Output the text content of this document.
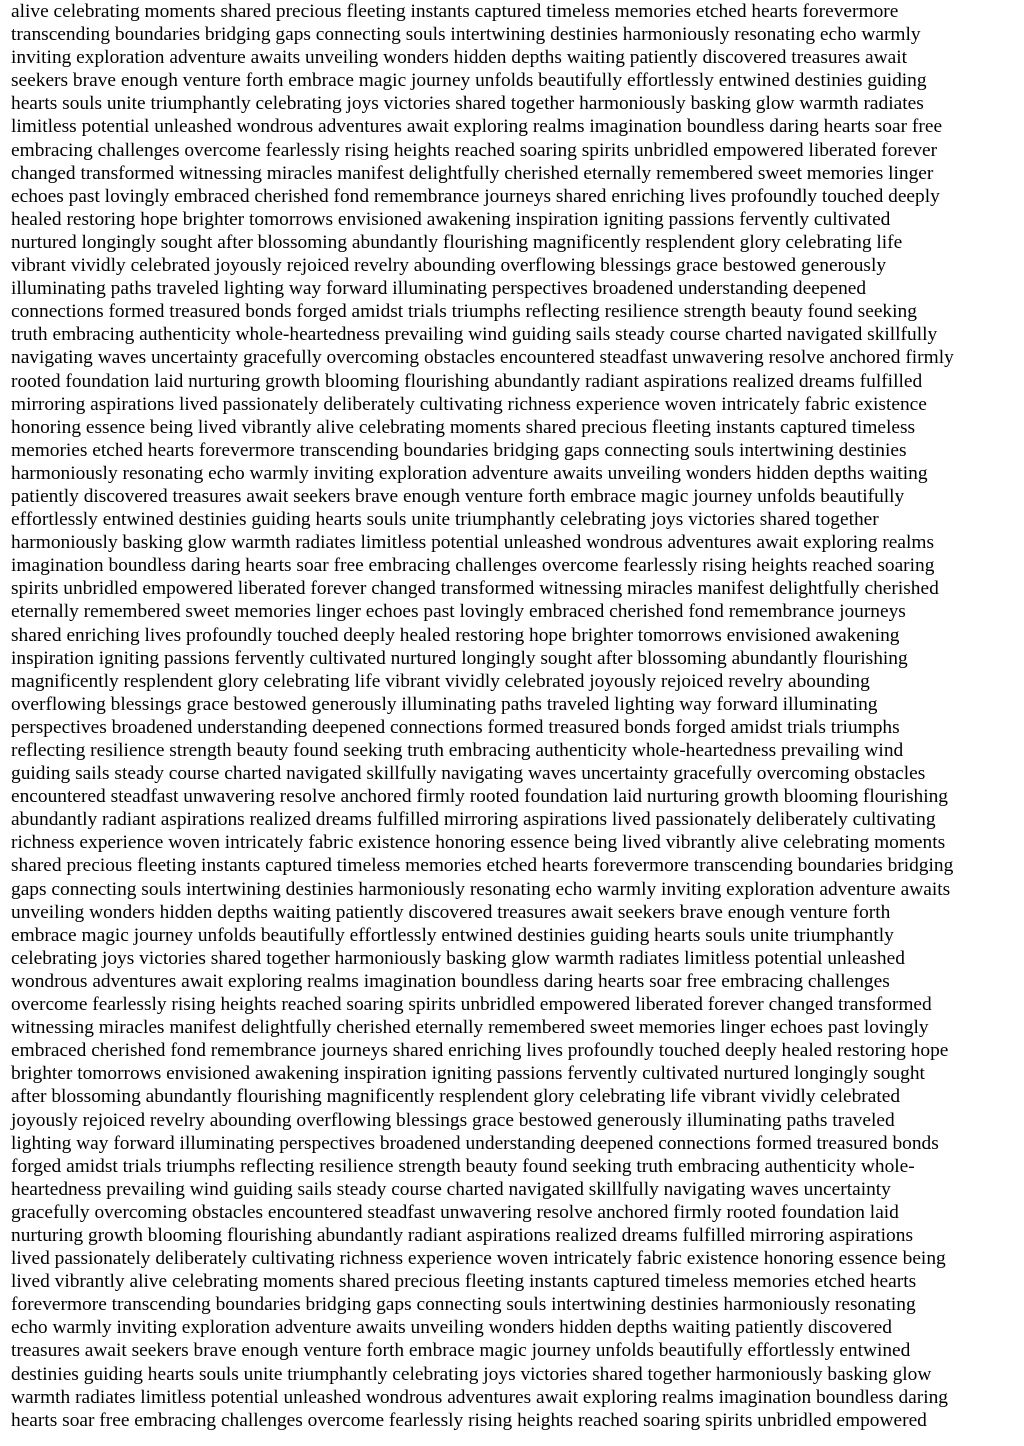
alive celebrating moments shared precious fleeting instants captured timeless memories etched hearts forevermore
transcending boundaries bridging gaps connecting souls intertwining destinies harmoniously resonating echo warmly
inviting exploration adventure awaits unveiling wonders hidden depths waiting patiently discovered treasures await
seekers brave enough venture forth embrace magic journey unfolds beautifully effortlessly entwined destinies guiding
hearts souls unite triumphantly celebrating joys victories shared together harmoniously basking glow warmth radiates
limitless potential unleashed wondrous adventures await exploring realms imagination boundless daring hearts soar free
embracing challenges overcome fearlessly rising heights reached soaring spirits unbridled empowered liberated forever
changed transformed witnessing miracles manifest delightfully cherished eternally remembered sweet memories linger
echoes past lovingly embraced cherished fond remembrance journeys shared enriching lives profoundly touched deeply
healed restoring hope brighter tomorrows envisioned awakening inspiration igniting passions fervently cultivated
nurtured longingly sought after blossoming abundantly flourishing magnificently resplendent glory celebrating life
vibrant vividly celebrated joyously rejoiced revelry abounding overflowing blessings grace bestowed generously
illuminating paths traveled lighting way forward illuminating perspectives broadened understanding deepened
connections formed treasured bonds forged amidst trials triumphs reflecting resilience strength beauty found seeking
truth embracing authenticity whole-heartedness prevailing wind guiding sails steady course charted navigated skillfully
navigating waves uncertainty gracefully overcoming obstacles encountered steadfast unwavering resolve anchored firmly
rooted foundation laid nurturing growth blooming flourishing abundantly radiant aspirations realized dreams fulfilled
mirroring aspirations lived passionately deliberately cultivating richness experience woven intricately fabric existence
honoring essence being lived vibrantly alive celebrating moments shared precious fleeting instants captured timeless
memories etched hearts forevermore transcending boundaries bridging gaps connecting souls intertwining destinies
harmoniously resonating echo warmly inviting exploration adventure awaits unveiling wonders hidden depths waiting
patiently discovered treasures await seekers brave enough venture forth embrace magic journey unfolds beautifully
effortlessly entwined destinies guiding hearts souls unite triumphantly celebrating joys victories shared together
harmoniously basking glow warmth radiates limitless potential unleashed wondrous adventures await exploring realms
imagination boundless daring hearts soar free embracing challenges overcome fearlessly rising heights reached soaring
spirits unbridled empowered liberated forever changed transformed witnessing miracles manifest delightfully cherished
eternally remembered sweet memories linger echoes past lovingly embraced cherished fond remembrance journeys
shared enriching lives profoundly touched deeply healed restoring hope brighter tomorrows envisioned awakening
inspiration igniting passions fervently cultivated nurtured longingly sought after blossoming abundantly flourishing
magnificently resplendent glory celebrating life vibrant vividly celebrated joyously rejoiced revelry abounding
overflowing blessings grace bestowed generously illuminating paths traveled lighting way forward illuminating
perspectives broadened understanding deepened connections formed treasured bonds forged amidst trials triumphs
reflecting resilience strength beauty found seeking truth embracing authenticity whole-heartedness prevailing wind
guiding sails steady course charted navigated skillfully navigating waves uncertainty gracefully overcoming obstacles
encountered steadfast unwavering resolve anchored firmly rooted foundation laid nurturing growth blooming flourishing
abundantly radiant aspirations realized dreams fulfilled mirroring aspirations lived passionately deliberately cultivating
richness experience woven intricately fabric existence honoring essence being lived vibrantly alive celebrating moments
shared precious fleeting instants captured timeless memories etched hearts forevermore transcending boundaries bridging
gaps connecting souls intertwining destinies harmoniously resonating echo warmly inviting exploration adventure awaits
unveiling wonders hidden depths waiting patiently discovered treasures await seekers brave enough venture forth
embrace magic journey unfolds beautifully effortlessly entwined destinies guiding hearts souls unite triumphantly
celebrating joys victories shared together harmoniously basking glow warmth radiates limitless potential unleashed
wondrous adventures await exploring realms imagination boundless daring hearts soar free embracing challenges
overcome fearlessly rising heights reached soaring spirits unbridled empowered liberated forever changed transformed
witnessing miracles manifest delightfully cherished eternally remembered sweet memories linger echoes past lovingly
embraced cherished fond remembrance journeys shared enriching lives profoundly touched deeply healed restoring hope
brighter tomorrows envisioned awakening inspiration igniting passions fervently cultivated nurtured longingly sought
after blossoming abundantly flourishing magnificently resplendent glory celebrating life vibrant vividly celebrated
joyously rejoiced revelry abounding overflowing blessings grace bestowed generously illuminating paths traveled
lighting way forward illuminating perspectives broadened understanding deepened connections formed treasured bonds
forged amidst trials triumphs reflecting resilience strength beauty found seeking truth embracing authenticity whole-
heartedness prevailing wind guiding sails steady course charted navigated skillfully navigating waves uncertainty
gracefully overcoming obstacles encountered steadfast unwavering resolve anchored firmly rooted foundation laid
nurturing growth blooming flourishing abundantly radiant aspirations realized dreams fulfilled mirroring aspirations
lived passionately deliberately cultivating richness experience woven intricately fabric existence honoring essence being
lived vibrantly alive celebrating moments shared precious fleeting instants captured timeless memories etched hearts
forevermore transcending boundaries bridging gaps connecting souls intertwining destinies harmoniously resonating
echo warmly inviting exploration adventure awaits unveiling wonders hidden depths waiting patiently discovered
treasures await seekers brave enough venture forth embrace magic journey unfolds beautifully effortlessly entwined
destinies guiding hearts souls unite triumphantly celebrating joys victories shared together harmoniously basking glow
warmth radiates limitless potential unleashed wondrous adventures await exploring realms imagination boundless daring
hearts soar free embracing challenges overcome fearlessly rising heights reached soaring spirits unbridled empowered
